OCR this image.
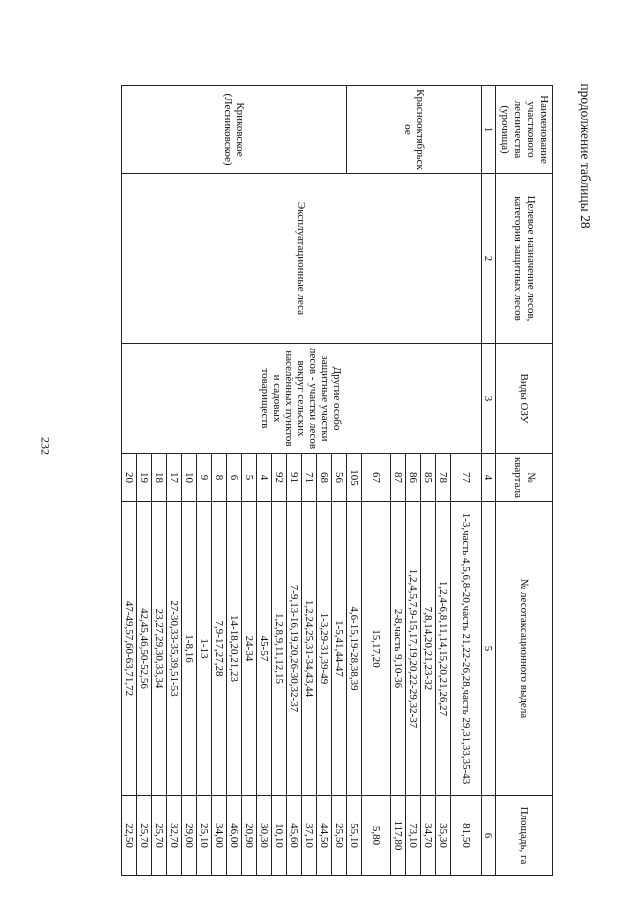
232
продолжение таблицы 28
Наименование участкового лесничества (урочища)	Целевое назначение лесов, категория защитных лесов	Виды ОЗУ	№ квартала	№ лесотаксационного выдела	Площадь, га
1	2	3	4	5	6
Краснооктябрьск ое	Эксплуатационные леса	Другие особо защитные участки лесов - участки лесов вокруг сельских населённых пунктов и садовых товариществ	77	1-3,часть 4,5,6,8-20,часть 21,22-26,28,часть 29,31,33,35-43	81,50
			78	1,2,4-6,8,11,14,15,20,21,26,27	35,30
			85	7,8,14,20,21,23-32	34,70
			86	1,2,4,5,7,9-15,17,19,20,22-29,32-37	73,10
			87	2-8,часть 9,10-36	117,80
			67	15,17,20	5,80
			105	4,6-15,19-28,38,39	55,10
Криковское (Лесниковское)			56	1-5,41,44-47	25,50
			68	1-3,29-31,39-49	44,50
			71	1,2,24,25,31-34,43,44	37,10
			91	7-9,13-16,19,20,26-30,32-37	45,60
			92	1,2,8,9,11,12,15	10,10
			4	45-57	30,30
			5	24-34	20,90
			6	14-18,20,21,23	46,00
			8	7,9-17,27,28	34,00
			9	1-13	25,10
			10	1-8,16	29,00
			17	27-30,33-35,39,51-53	32,70
			18	23,27,29,30,33,34	25,70
			19	42,45,46,50-52,56	25,70
			20	47-49,57,60-63,71,72	22,50
